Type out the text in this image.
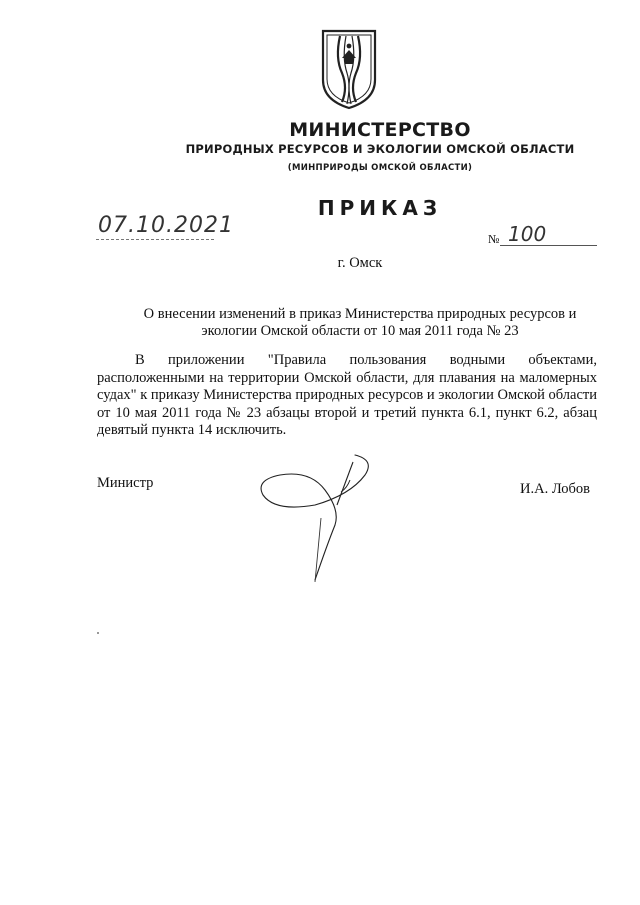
МИНИСТЕРСТВО
ПРИРОДНЫХ РЕСУРСОВ И ЭКОЛОГИИ ОМСКОЙ ОБЛАСТИ
(МИНПРИРОДЫ ОМСКОЙ ОБЛАСТИ)
ПРИКАЗ
07.10.2021
№ 100
г. Омск
О внесении изменений в приказ Министерства природных ресурсов и экологии Омской области от 10 мая 2011 года № 23
В приложении "Правила пользования водными объектами, расположенными на территории Омской области, для плавания на маломерных судах" к приказу Министерства природных ресурсов и экологии Омской области от 10 мая 2011 года № 23 абзацы второй и третий пункта 6.1, пункт 6.2, абзац девятый пункта 14 исключить.
Министр	И.А. Лобов
